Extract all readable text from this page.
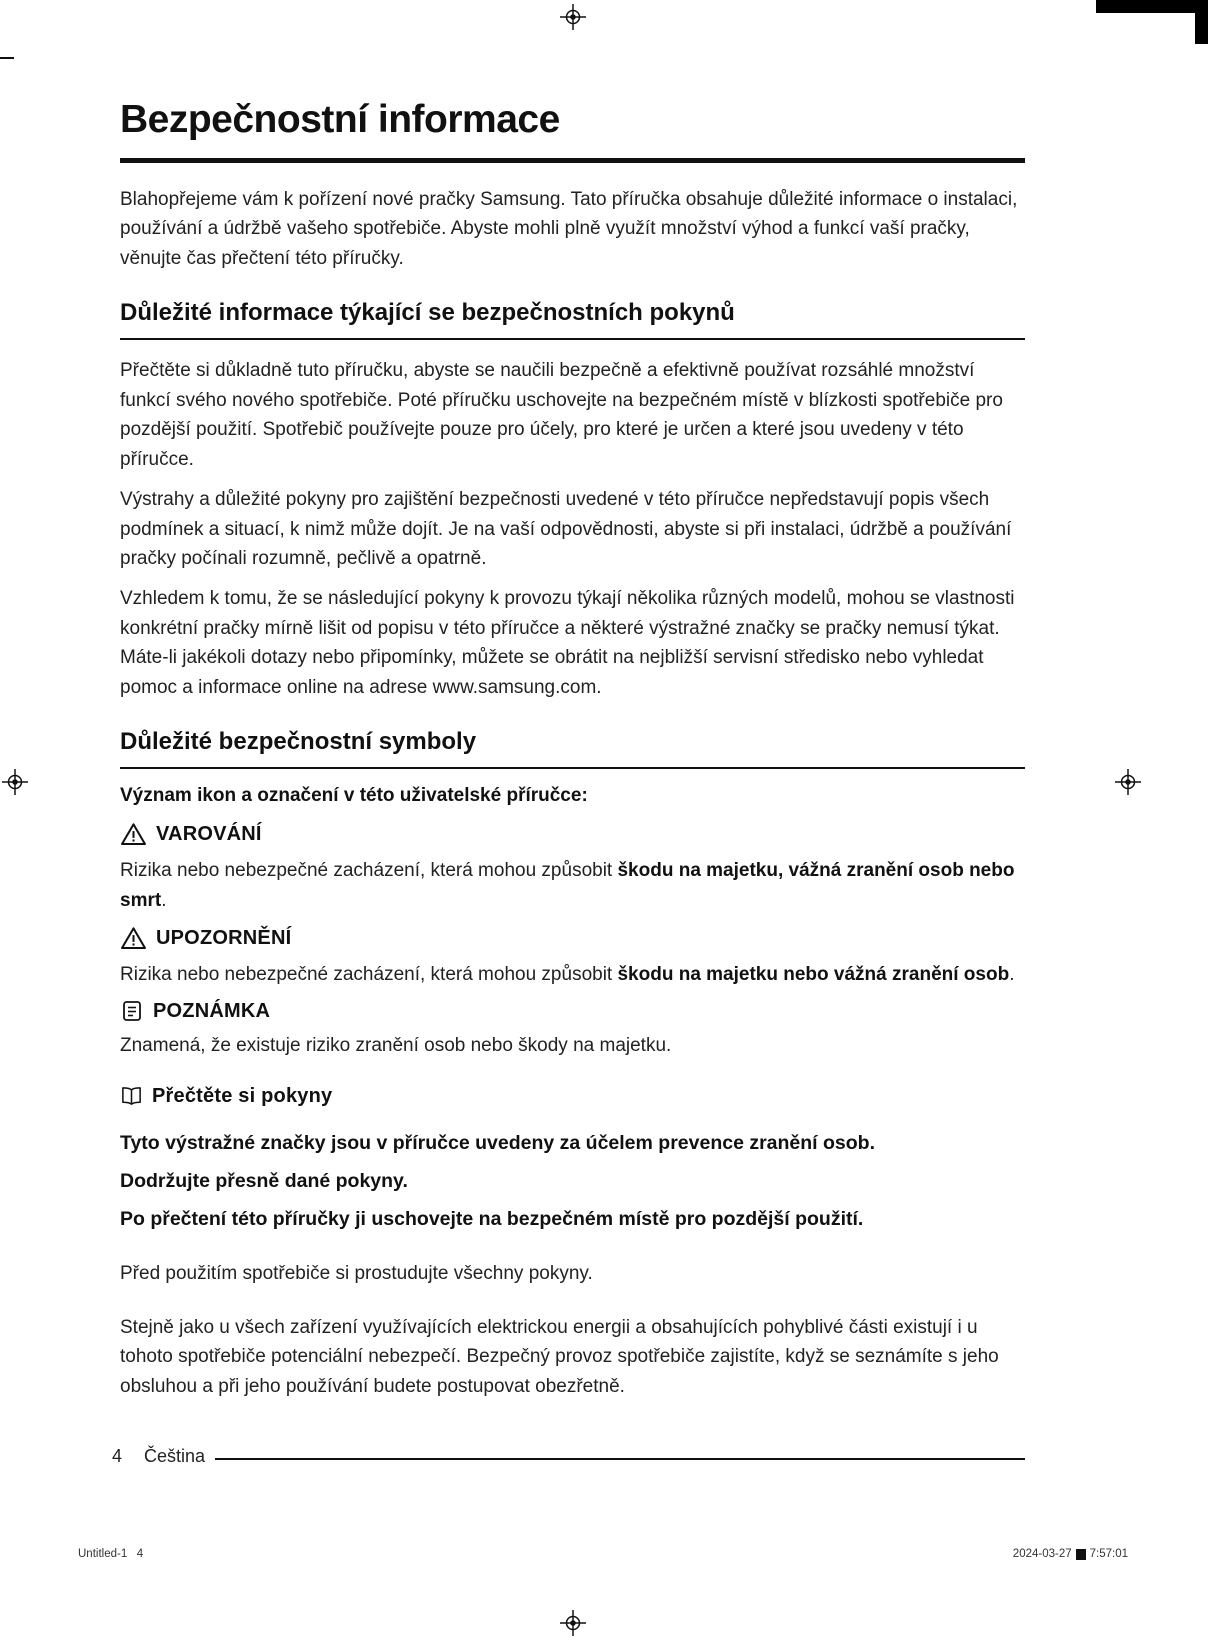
Bezpečnostní informace

Blahopřejeme vám k pořízení nové pračky Samsung. Tato příručka obsahuje důležité informace o instalaci, používání a údržbě vašeho spotřebiče. Abyste mohli plně využít množství výhod a funkcí vaší pračky, věnujte čas přečtení této příručky.

Důležité informace týkající se bezpečnostních pokynů

Přečtěte si důkladně tuto příručku, abyste se naučili bezpečně a efektivně používat rozsáhlé množství funkcí svého nového spotřebiče. Poté příručku uschovejte na bezpečném místě v blízkosti spotřebiče pro pozdější použití. Spotřebič používejte pouze pro účely, pro které je určen a které jsou uvedeny v této příručce.

Výstrahy a důležité pokyny pro zajištění bezpečnosti uvedené v této příručce nepředstavují popis všech podmínek a situací, k nimž může dojít. Je na vaší odpovědnosti, abyste si při instalaci, údržbě a používání pračky počínali rozumně, pečlivě a opatrně.

Vzhledem k tomu, že se následující pokyny k provozu týkají několika různých modelů, mohou se vlastnosti konkrétní pračky mírně lišit od popisu v této příručce a některé výstražné značky se pračky nemusí týkat. Máte-li jakékoli dotazy nebo připomínky, můžete se obrátit na nejbližší servisní středisko nebo vyhledat pomoc a informace online na adrese www.samsung.com.

Důležité bezpečnostní symboly

Význam ikon a označení v této uživatelské příručce:

VAROVÁNÍ

Rizika nebo nebezpečné zacházení, která mohou způsobit škodu na majetku, vážná zranění osob nebo smrt.

UPOZORNĚNÍ

Rizika nebo nebezpečné zacházení, která mohou způsobit škodu na majetku nebo vážná zranění osob.

POZNÁMKA

Znamená, že existuje riziko zranění osob nebo škody na majetku.

Přečtěte si pokyny

Tyto výstražné značky jsou v příručce uvedeny za účelem prevence zranění osob.

Dodržujte přesně dané pokyny.

Po přečtení této příručky ji uschovejte na bezpečném místě pro pozdější použití.

Před použitím spotřebiče si prostudujte všechny pokyny.

Stejně jako u všech zařízení využívajících elektrickou energii a obsahujících pohyblivé části existují i u tohoto spotřebiče potenciální nebezpečí. Bezpečný provoz spotřebiče zajistíte, když se seznámíte s jeho obsluhou a při jeho používání budete postupovat obezřetně.

4 Čeština
Untitled-1   4	2024-03-27 7:57:01
